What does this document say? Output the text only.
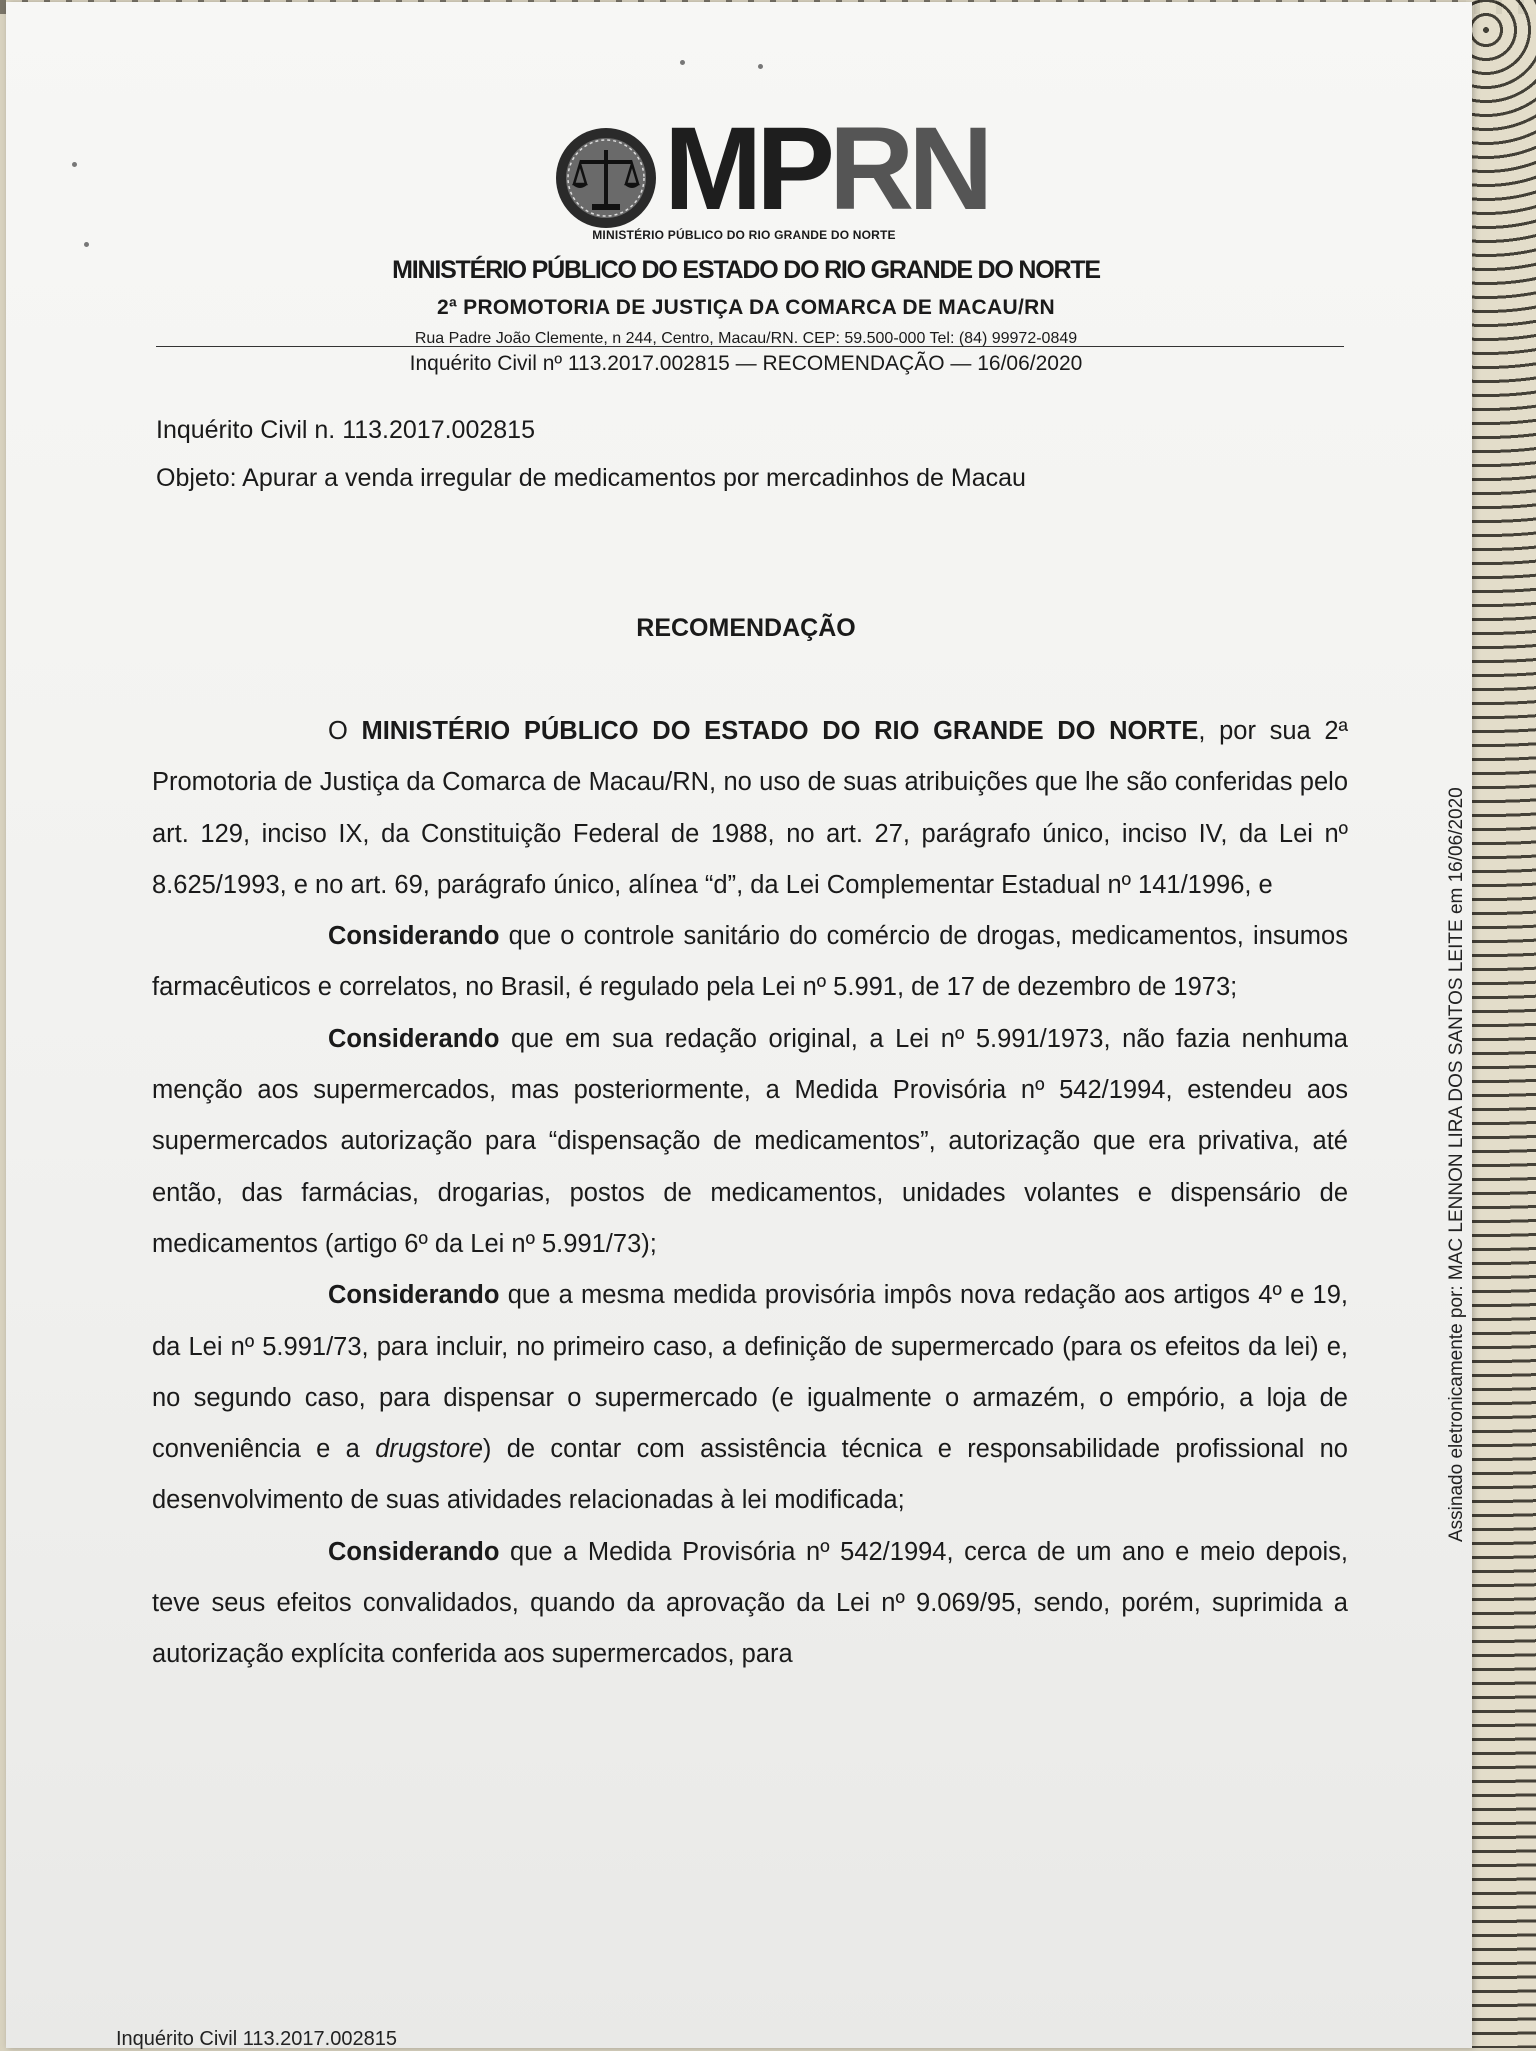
MPRN
MINISTÉRIO PÚBLICO DO RIO GRANDE DO NORTE
MINISTÉRIO PÚBLICO DO ESTADO DO RIO GRANDE DO NORTE
2ª PROMOTORIA DE JUSTIÇA DA COMARCA DE MACAU/RN
Rua Padre João Clemente, n 244, Centro, Macau/RN. CEP: 59.500-000 Tel: (84) 99972-0849
Inquérito Civil nº 113.2017.002815 — RECOMENDAÇÃO — 16/06/2020
Inquérito Civil n. 113.2017.002815
Objeto: Apurar a venda irregular de medicamentos por mercadinhos de Macau
RECOMENDAÇÃO

O MINISTÉRIO PÚBLICO DO ESTADO DO RIO GRANDE DO NORTE, por sua 2ª Promotoria de Justiça da Comarca de Macau/RN, no uso de suas atribuições que lhe são conferidas pelo art. 129, inciso IX, da Constituição Federal de 1988, no art. 27, parágrafo único, inciso IV, da Lei nº 8.625/1993, e no art. 69, parágrafo único, alínea “d”, da Lei Complementar Estadual nº 141/1996, e

Considerando que o controle sanitário do comércio de drogas, medicamentos, insumos farmacêuticos e correlatos, no Brasil, é regulado pela Lei nº 5.991, de 17 de dezembro de 1973;

Considerando que em sua redação original, a Lei nº 5.991/1973, não fazia nenhuma menção aos supermercados, mas posteriormente, a Medida Provisória nº 542/1994, estendeu aos supermercados autorização para “dispensação de medicamentos”, autorização que era privativa, até então, das farmácias, drogarias, postos de medicamentos, unidades volantes e dispensário de medicamentos (artigo 6º da Lei nº 5.991/73);

Considerando que a mesma medida provisória impôs nova redação aos artigos 4º e 19, da Lei nº 5.991/73, para incluir, no primeiro caso, a definição de supermercado (para os efeitos da lei) e, no segundo caso, para dispensar o supermercado (e igualmente o armazém, o empório, a loja de conveniência e a drugstore) de contar com assistência técnica e responsabilidade profissional no desenvolvimento de suas atividades relacionadas à lei modificada;

Considerando que a Medida Provisória nº 542/1994, cerca de um ano e meio depois, teve seus efeitos convalidados, quando da aprovação da Lei nº 9.069/95, sendo, porém, suprimida a autorização explícita conferida aos supermercados, para

Assinado eletronicamente por: MAC LENNON LIRA DOS SANTOS LEITE em 16/06/2020
Inquérito Civil 113.2017.002815
